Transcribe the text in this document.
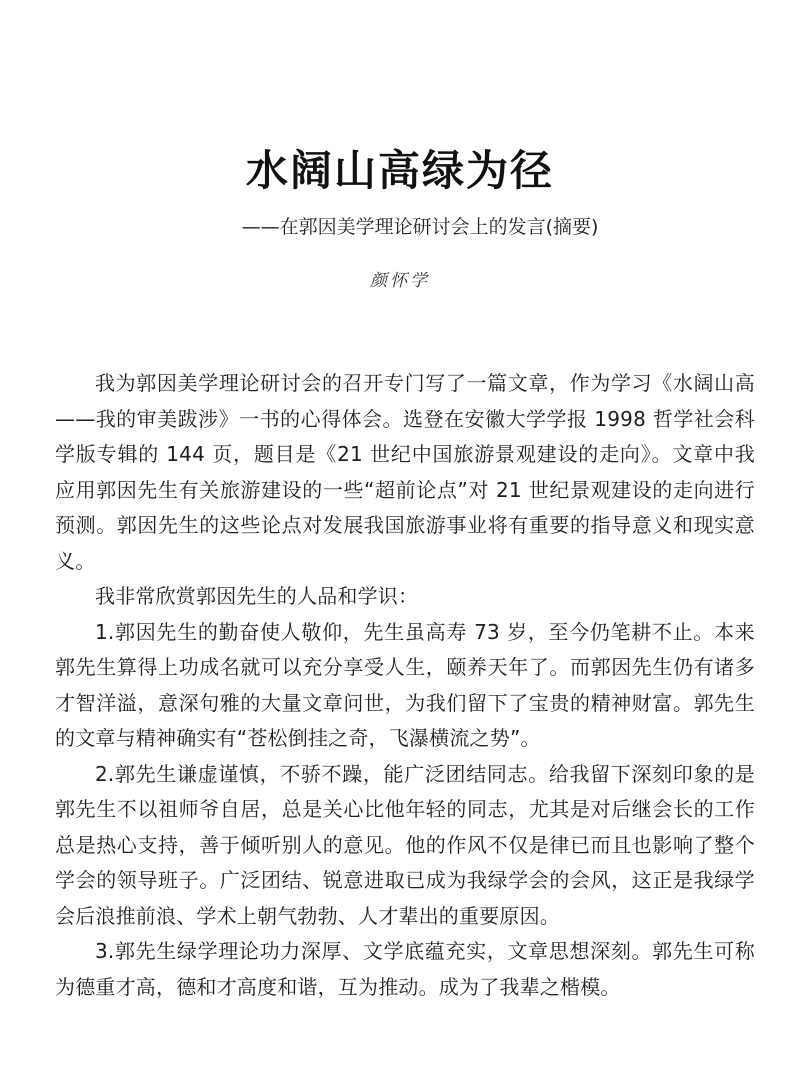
水阔山高绿为径
——在郭因美学理论研讨会上的发言(摘要)
颜怀学

我为郭因美学理论研讨会的召开专门写了一篇文章，作为学习《水阔山高——我的审美跋涉》一书的心得体会。选登在安徽大学学报 1998 哲学社会科学版专辑的 144 页，题目是《21 世纪中国旅游景观建设的走向》。文章中我应用郭因先生有关旅游建设的一些“超前论点”对 21 世纪景观建设的走向进行预测。郭因先生的这些论点对发展我国旅游事业将有重要的指导意义和现实意义。

我非常欣赏郭因先生的人品和学识：

1.郭因先生的勤奋使人敬仰，先生虽高寿 73 岁，至今仍笔耕不止。本来郭先生算得上功成名就可以充分享受人生，颐养天年了。而郭因先生仍有诸多才智洋溢，意深句雅的大量文章问世，为我们留下了宝贵的精神财富。郭先生的文章与精神确实有“苍松倒挂之奇，飞瀑横流之势”。

2.郭先生谦虚谨慎，不骄不躁，能广泛团结同志。给我留下深刻印象的是郭先生不以祖师爷自居，总是关心比他年轻的同志，尤其是对后继会长的工作总是热心支持，善于倾听别人的意见。他的作风不仅是律已而且也影响了整个学会的领导班子。广泛团结、锐意进取已成为我绿学会的会风，这正是我绿学会后浪推前浪、学术上朝气勃勃、人才辈出的重要原因。

3.郭先生绿学理论功力深厚、文学底蕴充实，文章思想深刻。郭先生可称为德重才高，德和才高度和谐，互为推动。成为了我辈之楷模。
